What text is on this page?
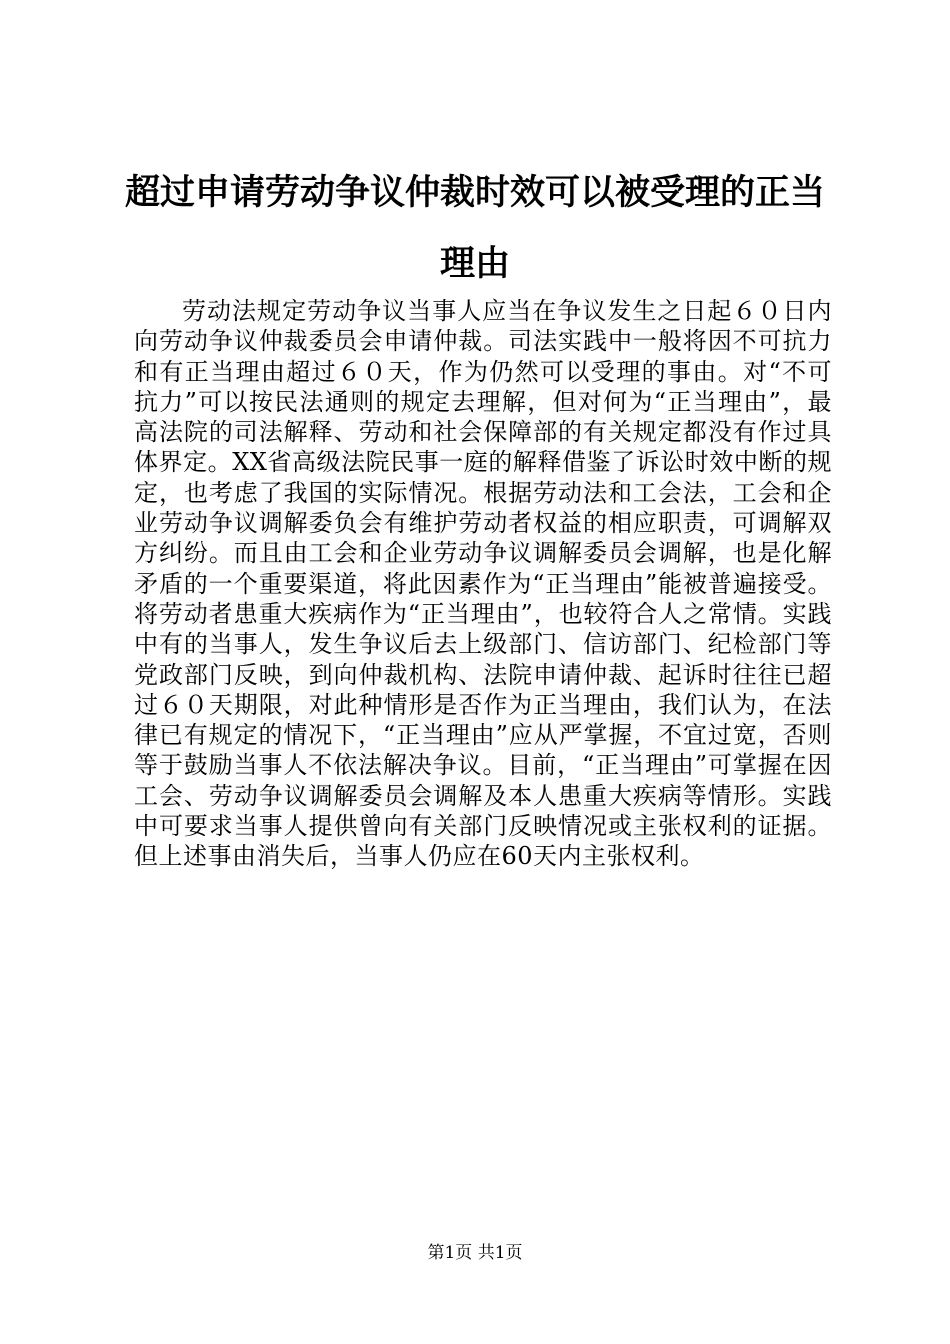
超过申请劳动争议仲裁时效可以被受理的正当理由

劳动法规定劳动争议当事人应当在争议发生之日起６０日内向劳动争议仲裁委员会申请仲裁。司法实践中一般将因不可抗力和有正当理由超过６０天，作为仍然可以受理的事由。对“不可抗力”可以按民法通则的规定去理解，但对何为“正当理由”，最高法院的司法解释、劳动和社会保障部的有关规定都没有作过具体界定。XX省高级法院民事一庭的解释借鉴了诉讼时效中断的规定，也考虑了我国的实际情况。根据劳动法和工会法，工会和企业劳动争议调解委负会有维护劳动者权益的相应职责，可调解双方纠纷。而且由工会和企业劳动争议调解委员会调解，也是化解矛盾的一个重要渠道，将此因素作为“正当理由”能被普遍接受。将劳动者患重大疾病作为“正当理由”，也较符合人之常情。实践中有的当事人，发生争议后去上级部门、信访部门、纪检部门等党政部门反映，到向仲裁机构、法院申请仲裁、起诉时往往已超过６０天期限，对此种情形是否作为正当理由，我们认为，在法律已有规定的情况下，“正当理由”应从严掌握，不宜过宽，否则等于鼓励当事人不依法解决争议。目前，“正当理由”可掌握在因工会、劳动争议调解委员会调解及本人患重大疾病等情形。实践中可要求当事人提供曾向有关部门反映情况或主张权利的证据。但上述事由消失后，当事人仍应在60天内主张权利。

第1页 共1页
